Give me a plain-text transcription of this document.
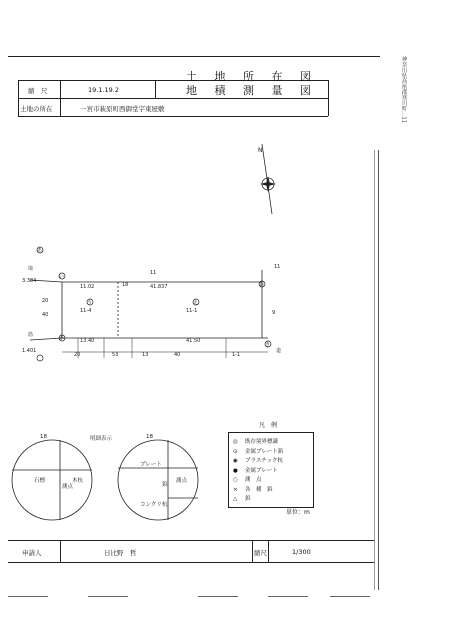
縮　尺	19.1.19.2
土 地 所 在 図
地 積 測 量 図
土地の所在	一宮市萩原町西御堂字東屋敷	神奈川県高座郡寒川町...11
N
あ
い
う	え
お
か
き
境
筋
11-4	11-1
道
11.02
11
41.837
18
11
9
20
40
13.40	41.50
20	53	13	40	1-1
3.384
1.401
18	明細表示
石標
測点
木杭
18
プレート
測点
鋲
コンクリ杭
凡　例
◎ 既存境界標識
⊙ 金属プレート鋲
◉ プラスチック杭
● 金属プレート
○ 測　点
× 各　種　鋲
△ 鋲
単位：m
申請人	日比野　哲	縮尺	1/300
